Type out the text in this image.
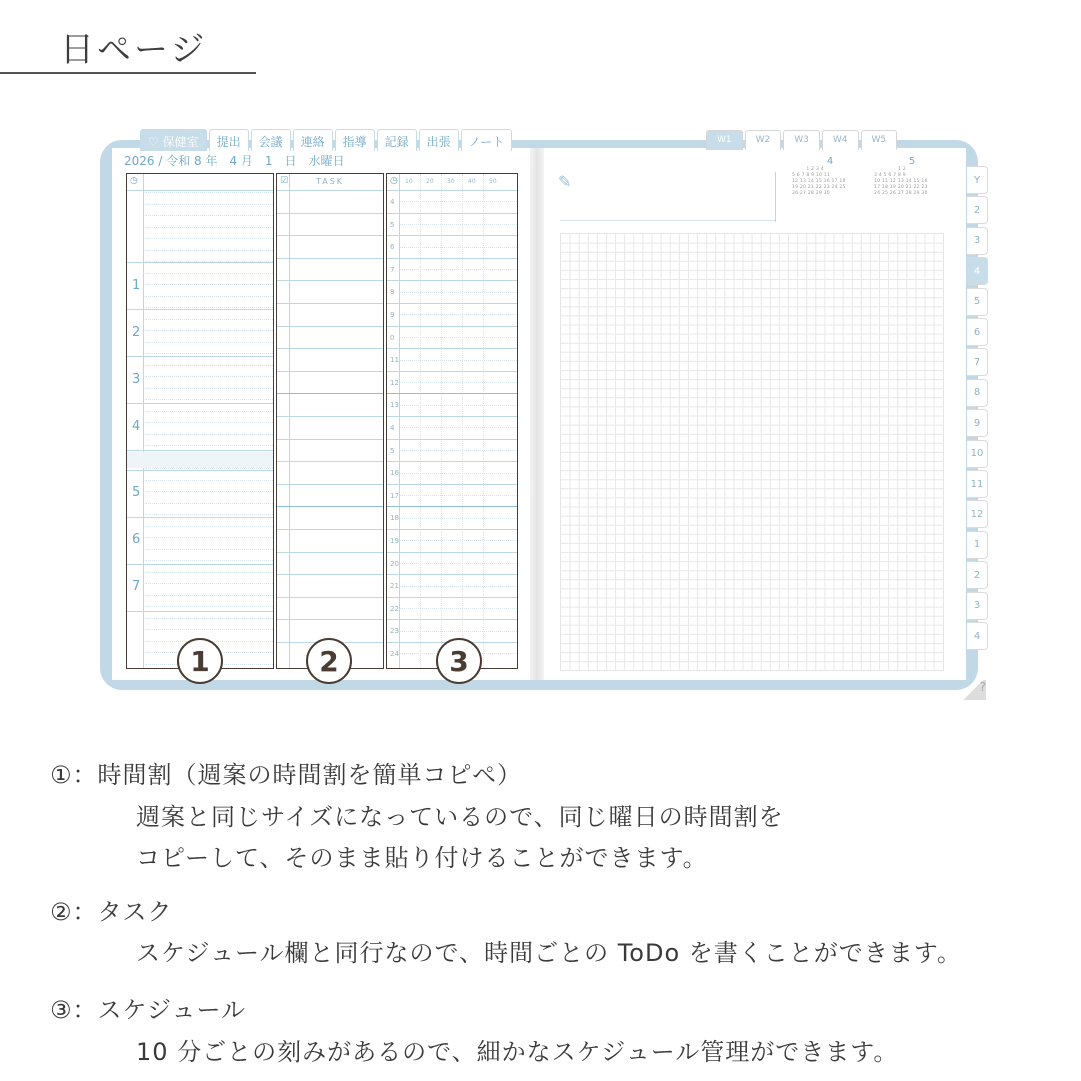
日ページ
♡ 保健室	提出	会議	連絡	指導	記録	出張	ノート	W1	W2	W3	W4	W5
Y
2
3
4
5
6
7
8
9
10
11
12
1
2
3
4
?
2026 / 令和 8 年　4 月　1　日　水曜日
◷
1
2
3
4
5
6
7
☑	TASK	◷ 10 20 30 40 50
4
5
6
7
8
9
0
11
12
13
4
5
16
17
18
19
20
21
22
23
24
1	2	3
✎
4
　　　1 2 3 4
5 6 7 8 9 10 11
12 13 14 15 16 17 18
19 20 21 22 23 24 25
26 27 28 29 30
5
　　　　　1 2
3 4 5 6 7 8 9
10 11 12 13 14 15 16
17 18 19 20 21 22 23
24 25 26 27 28 29 30
①：時間割（週案の時間割を簡単コピペ）
週案と同じサイズになっているので、同じ曜日の時間割を
コピーして、そのまま貼り付けることができます。
②：タスク
スケジュール欄と同行なので、時間ごとの ToDo を書くことができます。
③：スケジュール
10 分ごとの刻みがあるので、細かなスケジュール管理ができます。
